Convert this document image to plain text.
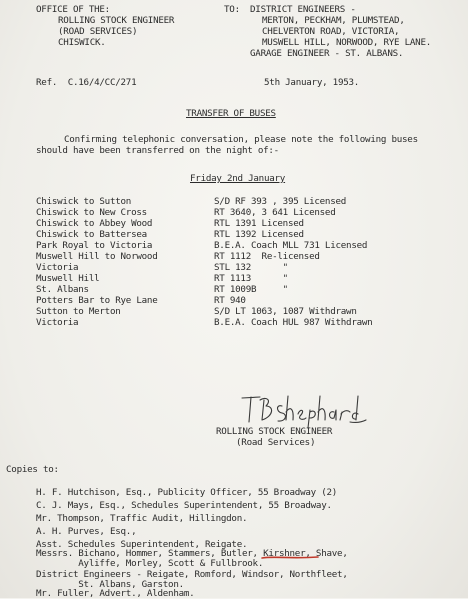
OFFICE OF THE:
ROLLING STOCK ENGINEER
(ROAD SERVICES)
CHISWICK.
TO: DISTRICT ENGINEERS -
MERTON, PECKHAM, PLUMSTEAD,
CHELVERTON ROAD, VICTORIA,
MUSWELL HILL, NORWOOD, RYE LANE.
GARAGE ENGINEER - ST. ALBANS.
Ref.  C.16/4/CC/271	5th January, 1953.
TRANSFER OF BUSES
Confirming telephonic conversation, please note the following buses
should have been transferred on the night of:-
Friday 2nd January
Chiswick to Sutton	S/D RF 393 , 395 Licensed
Chiswick to New Cross	RT 3640, 3 641 Licensed
Chiswick to Abbey Wood	RTL 1391 Licensed
Chiswick to Battersea	RTL 1392 Licensed
Park Royal to Victoria	B.E.A. Coach MLL 731 Licensed
Muswell Hill to Norwood	RT 1112  Re-licensed
Victoria	STL 132      "
Muswell Hill	RT 1113      "
St. Albans	RT 1009B     "
Potters Bar to Rye Lane	RT 940
Sutton to Merton	S/D LT 1063, 1087 Withdrawn
Victoria	B.E.A. Coach HUL 987 Withdrawn
ROLLING STOCK ENGINEER
(Road Services)
Copies to:
H. F. Hutchison, Esq., Publicity Officer, 55 Broadway (2)
C. J. Mays, Esq., Schedules Superintendent, 55 Broadway.
Mr. Thompson, Traffic Audit, Hillingdon.
A. H. Purves, Esq.,
Asst. Schedules Superintendent, Reigate.
Messrs. Bichano, Hommer, Stammers, Butler, Kirshner, Shave,
Ayliffe, Morley, Scott & Fullbrook.
District Engineers - Reigate, Romford, Windsor, Northfleet,
St. Albans, Garston.
Mr. Fuller, Advert., Aldenham.
